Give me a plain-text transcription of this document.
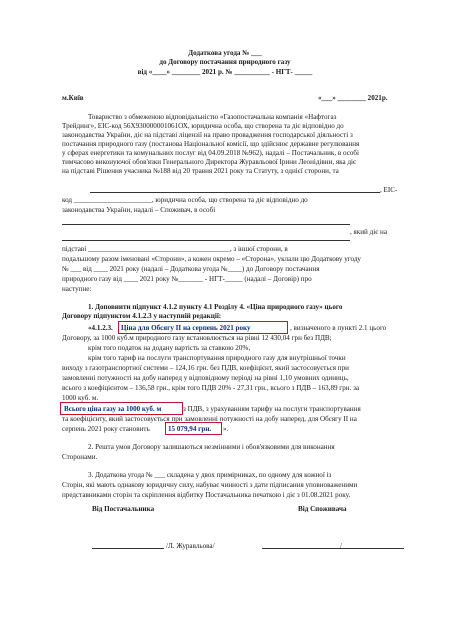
Додаткова угода № ___
до Договору постачання природного газу
від «____» ________ 2021 р. № __________ - НГТ- _____
м.Київ	«___» ________ 2021р.
Товариство з обмеженою відповідальністю «Газопостачальна компанія «Нафтогаз
Трейдинг», ЕІС-код 56Х930000001061ОХ, юридична особа, що створена та діє відповідно до
законодавства України, діє на підставі ліцензії на право провадження господарської діяльності з
постачання природного газу (постанова Національної комісії, що здійснює державне регулювання
у сферах енергетики та комунальних послуг від 04.09.2018 №962), надалі – Постачальник, в особі
тимчасово виконуючої обов'язки Генерального Директора Журавльової Ірини Леонідівни, яка діє
на підставі Рішення учасника №188 від 20 травня 2021 року та Статуту, з однієї сторони, та
, ЕІС-
код ______________________, юридична особа, що створена та діє відповідно до
законодавства України, надалі – Споживач, в особі
, який діє на
підставі ________________________________________, з іншої сторони, в
подальшому разом іменовані «Сторони», а кожен окремо – «Сторона», уклали цю Додаткову угоду
№ ___ від ____ 2021 року (надалі – Додаткова угода №____) до Договору постачання
природного газу від ____ 2021 року №_______ - НГТ-_____ (надалі – Договір) про
наступне:
1. Доповнити підпункт 4.1.2 пункту 4.1 Розділу 4. «Ціна природного газу» цього
Договору підпунктом 4.1.2.3 у наступній редакції:
«4.1.2.3. Ціна для Обсягу II на серпень 2021 року	, визначеного в пункті 2.1 цього
Договору, за 1000 куб.м природного газу встановлюється на рівні 12 430,04 грн без ПДВ;
крім того податок на додану вартість за ставкою 20%,
крім того тариф на послуги транспортування природного газу для внутрішньої точки
виходу з газотранспортної системи – 124,16 грн. без ПДВ, коефіцієнт, який застосовується при
замовленні потужності на добу наперед у відповідному періоді на рівні 1,10 умовних одиниць,
всього з коефіцієнтом – 136,58 грн., крім того ПДВ 20% - 27,31 грн., всього з ПДВ – 163,89 грн. за
1000 куб. м.
Всього ціна газу за 1000 куб. м	з ПДВ, з урахуванням тарифу на послуги транспортування
та коефіцієнту, який застосовується при замовленні потужності на добу наперед, для Обсягу II на
серпень 2021 року становить	15 079,94 грн. ».
2. Решта умов Договору залишаються незмінними і обов'язковими для виконання
Сторонами.
3. Додаткова угода № ___ складена у двох примірниках, по одному для кожної із
Сторін, які мають однакову юридичну силу, набуває чинності з дати підписання уповноваженими
представниками сторін та скріплення відбитку Постачальника печаткою і діє з 01.08.2021 року.
Від Постачальника	Від Споживача
/Л. Журавльова/	/
